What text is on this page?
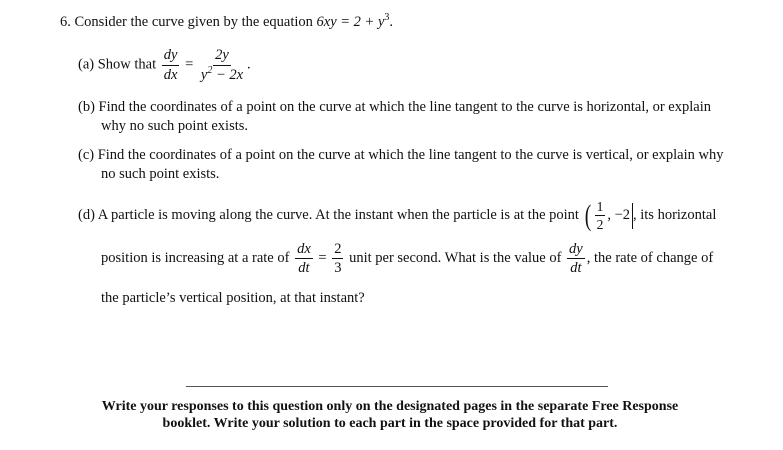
6. Consider the curve given by the equation $6xy = 2 + y^3$.
(a) Show that $\frac{dy}{dx} = \frac{2y}{y^2 - 2x}$ .
(b) Find the coordinates of a point on the curve at which the line tangent to the curve is horizontal, or explain
why no such point exists.
(c) Find the coordinates of a point on the curve at which the line tangent to the curve is vertical, or explain why
no such point exists.
(d) A particle is moving along the curve. At the instant when the particle is at the point ( $\frac{1}{2}$ , −2 , its horizontal
position is increasing at a rate of $\frac{dx}{dt} = \frac{2}{3}$ unit per second. What is the value of $\frac{dy}{dt}$ , the rate of change of
the particle’s vertical position, at that instant?
Write your responses to this question only on the designated pages in the separate Free Response
booklet. Write your solution to each part in the space provided for that part.
